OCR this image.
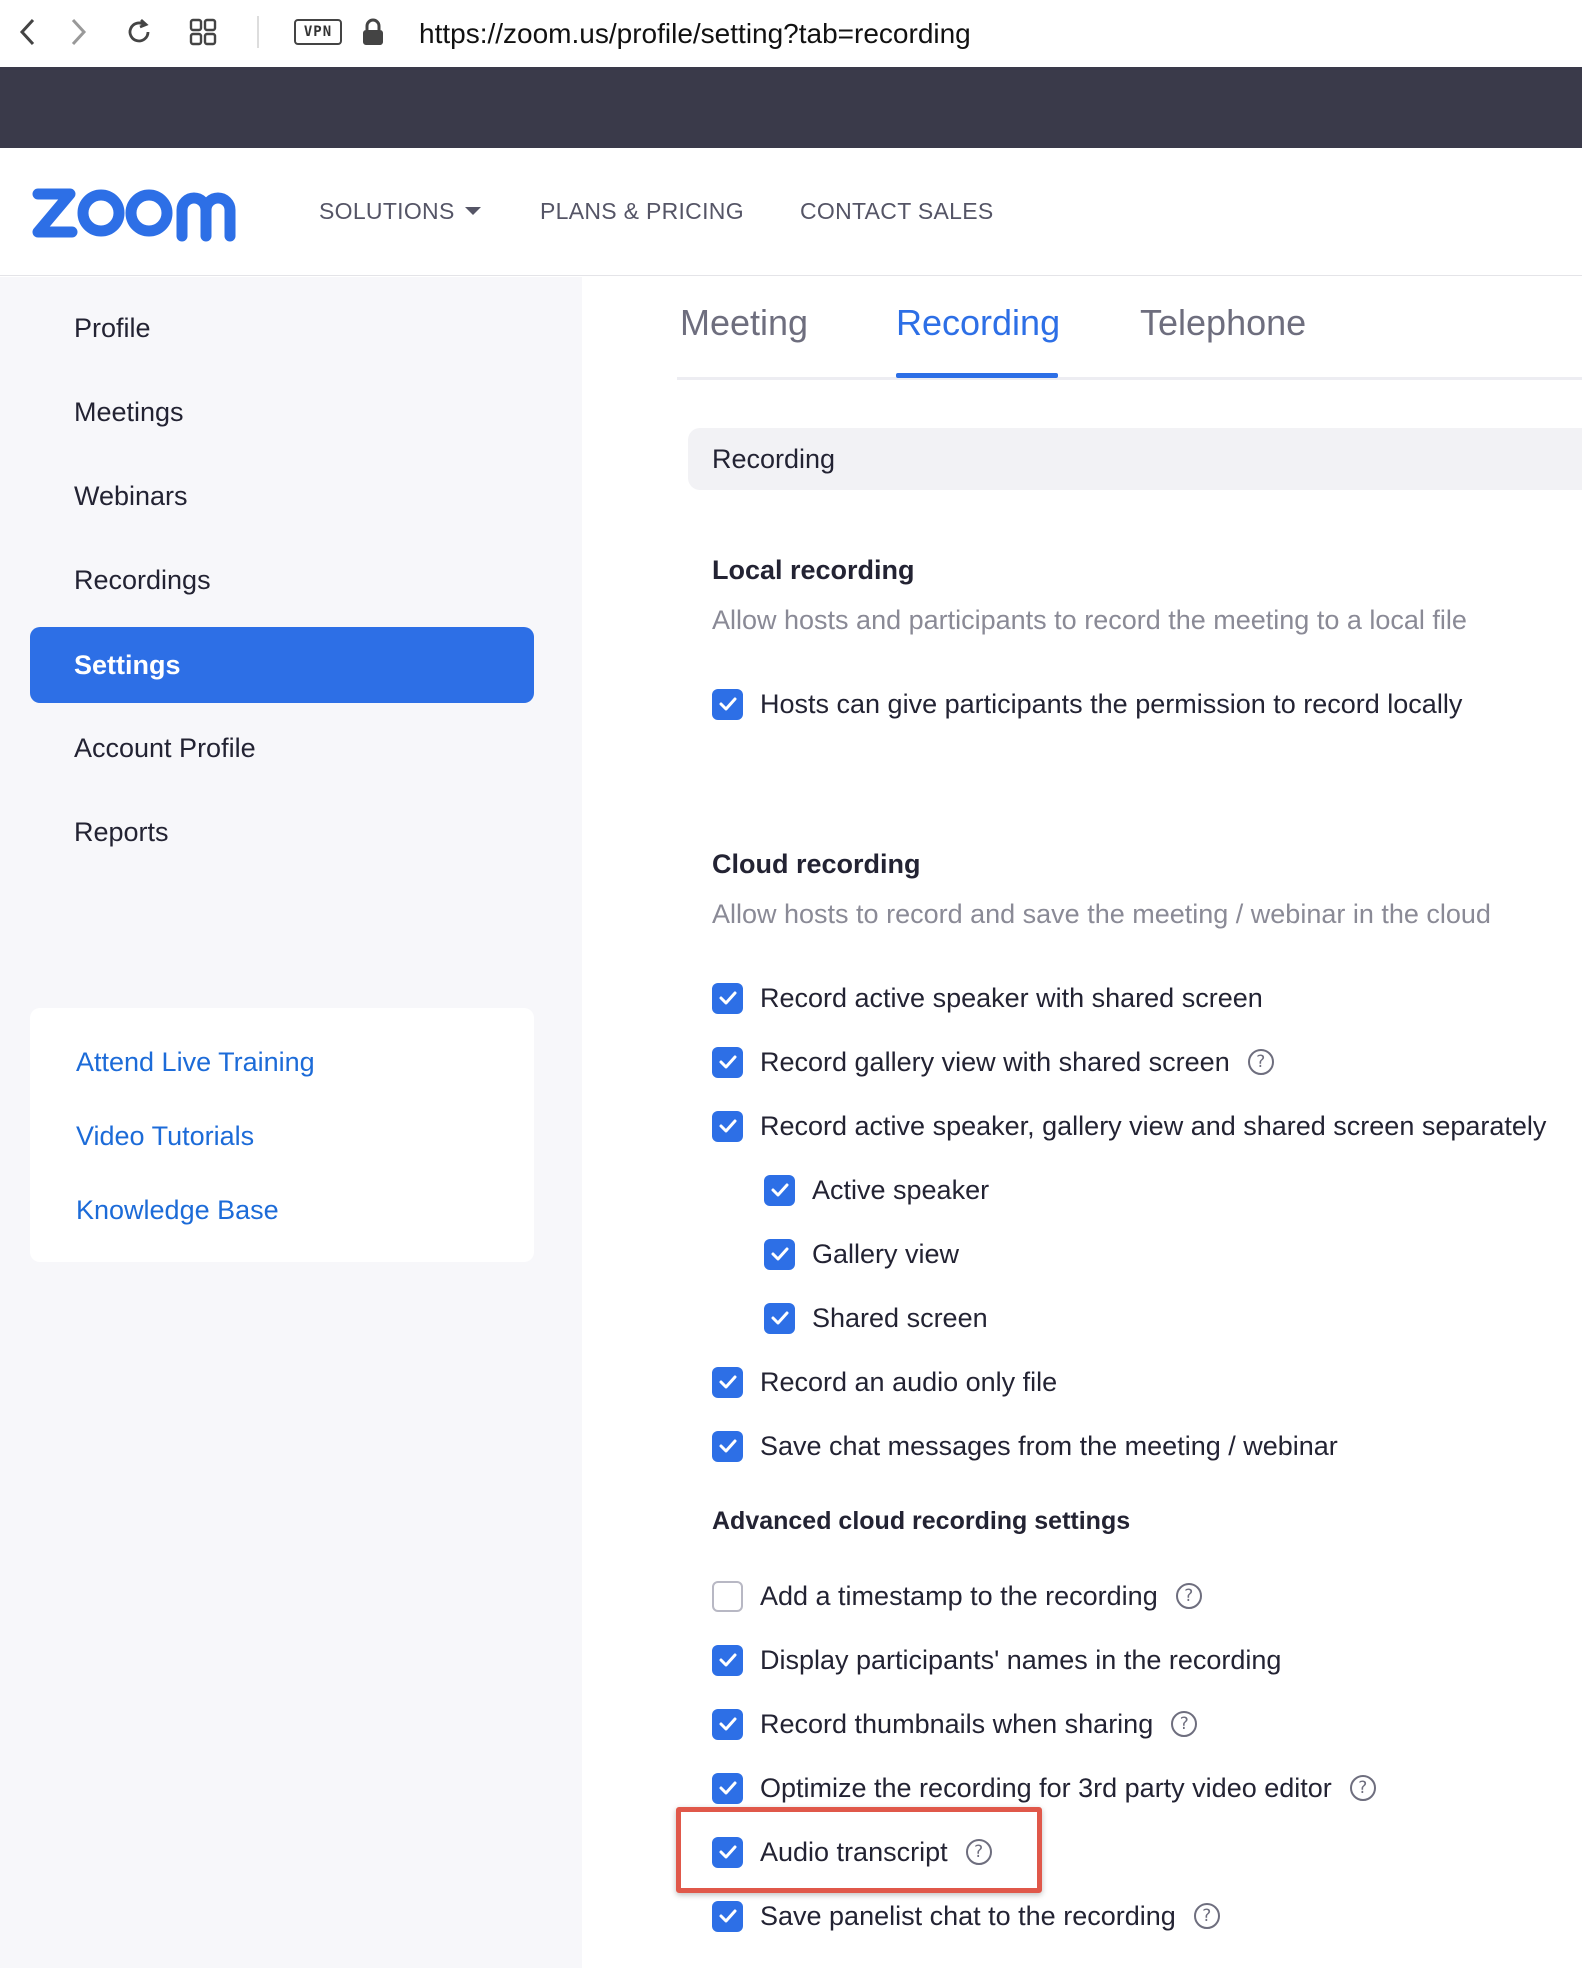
VPN	https://zoom.us/profile/setting?tab=recording
SOLUTIONS	PLANS & PRICING CONTACT SALES
Profile
Meetings
Webinars
Recordings
Settings
Account Profile
Reports
Attend Live Training
Video Tutorials
Knowledge Base
Meeting Recording Telephone
Recording
Local recording
Allow hosts and participants to record the meeting to a local file
Hosts can give participants the permission to record locally
Cloud recording
Allow hosts to record and save the meeting / webinar in the cloud
Record active speaker with shared screen
Record gallery view with shared screen	?
Record active speaker, gallery view and shared screen separately
Active speaker
Gallery view
Shared screen
Record an audio only file
Save chat messages from the meeting / webinar
Advanced cloud recording settings
Add a timestamp to the recording	?
Display participants' names in the recording
Record thumbnails when sharing	?
Optimize the recording for 3rd party video editor	?
Audio transcript	?
Save panelist chat to the recording	?
